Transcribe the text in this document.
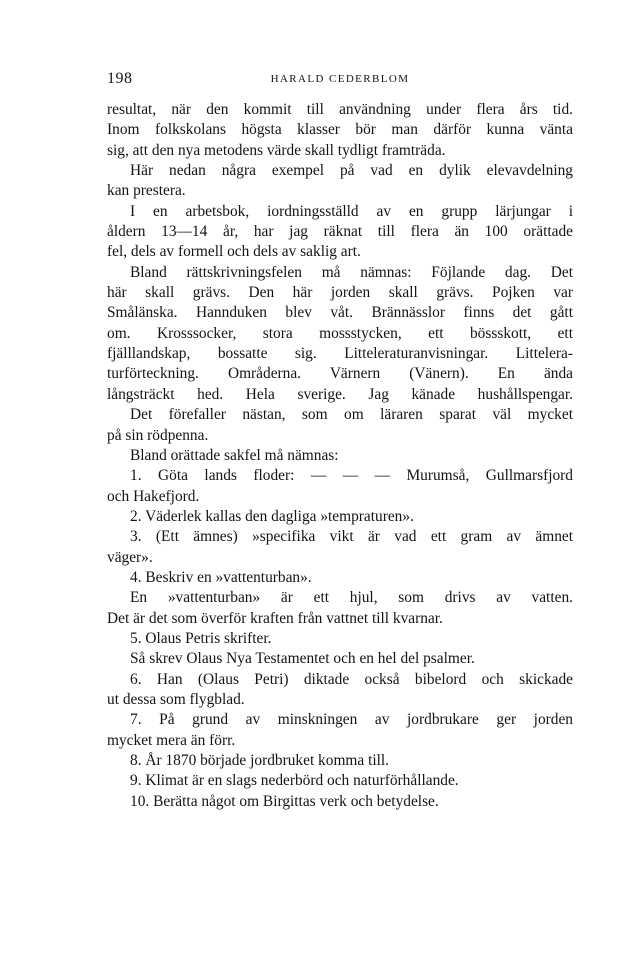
198	HARALD CEDERBLOM
resultat, när den kommit till användning under flera års tid.
Inom folkskolans högsta klasser bör man därför kunna vänta
sig, att den nya metodens värde skall tydligt framträda.
Här nedan några exempel på vad en dylik elevavdelning
kan prestera.
I en arbetsbok, iordningsställd av en grupp lärjungar i
åldern 13—14 år, har jag räknat till flera än 100 orättade
fel, dels av formell och dels av saklig art.
Bland rättskrivningsfelen må nämnas: Föjlande dag. Det
här skall grävs. Den här jorden skall grävs. Pojken var
Smålänska. Hannduken blev våt. Brännässlor finns det gått
om. Krosssocker, stora mossstycken, ett bössskott, ett
fjälllandskap, bossatte sig. Litteleraturanvisningar. Littelera-
turförteckning. Områderna. Värnern (Vänern). En ända
långsträckt hed. Hela sverige. Jag känade hushållspengar.
Det förefaller nästan, som om läraren sparat väl mycket
på sin rödpenna.
Bland orättade sakfel må nämnas:
1. Göta lands floder: — — — Murumså, Gullmarsfjord
och Hakefjord.
2. Väderlek kallas den dagliga »tempraturen».
3. (Ett ämnes) »specifika vikt är vad ett gram av ämnet
väger».
4. Beskriv en »vattenturban».
En »vattenturban» är ett hjul, som drivs av vatten.
Det är det som överför kraften från vattnet till kvarnar.
5. Olaus Petris skrifter.
Så skrev Olaus Nya Testamentet och en hel del psalmer.
6. Han (Olaus Petri) diktade också bibelord och skickade
ut dessa som flygblad.
7. På grund av minskningen av jordbrukare ger jorden
mycket mera än förr.
8. År 1870 började jordbruket komma till.
9. Klimat är en slags nederbörd och naturförhållande.
10. Berätta något om Birgittas verk och betydelse.
